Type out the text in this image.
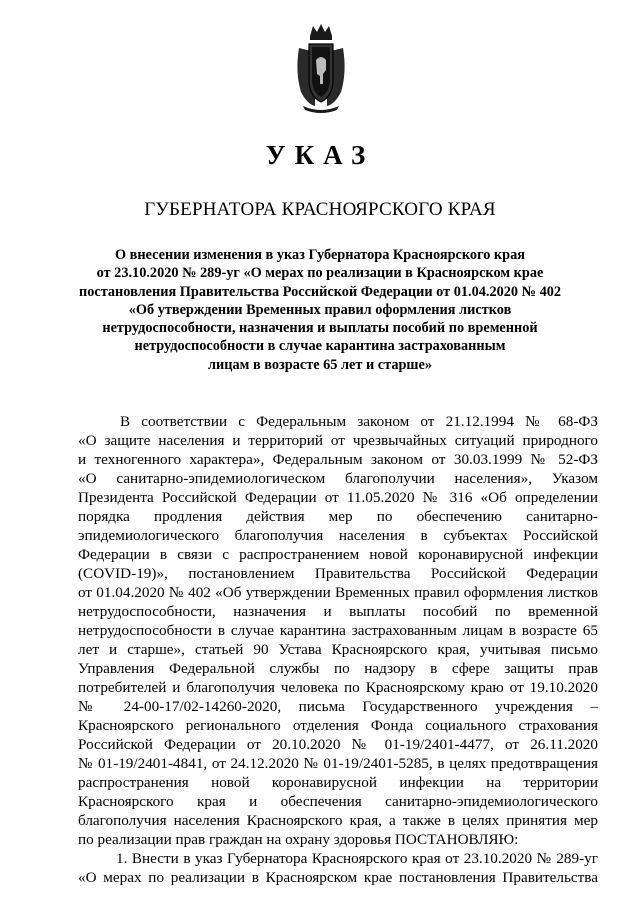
УКАЗ
ГУБЕРНАТОРА КРАСНОЯРСКОГО КРАЯ
О внесении изменения в указ Губернатора Красноярского края
от 23.10.2020 № 289-уг «О мерах по реализации в Красноярском крае
постановления Правительства Российской Федерации от 01.04.2020 № 402
«Об утверждении Временных правил оформления листков
нетрудоспособности, назначения и выплаты пособий по временной
нетрудоспособности в случае карантина застрахованным
лицам в возрасте 65 лет и старше»
В соответствии с Федеральным законом от 21.12.1994 № 68-ФЗ
«О защите населения и территорий от чрезвычайных ситуаций природного
и техногенного характера», Федеральным законом от 30.03.1999 № 52-ФЗ
«О санитарно-эпидемиологическом благополучии населения», Указом
Президента Российской Федерации от 11.05.2020 № 316 «Об определении
порядка продления действия мер по обеспечению санитарно-
эпидемиологического благополучия населения в субъектах Российской
Федерации в связи с распространением новой коронавирусной инфекции
(COVID-19)», постановлением Правительства Российской Федерации
от 01.04.2020 № 402 «Об утверждении Временных правил оформления листков
нетрудоспособности, назначения и выплаты пособий по временной
нетрудоспособности в случае карантина застрахованным лицам в возрасте 65
лет и старше», статьей 90 Устава Красноярского края, учитывая письмо
Управления Федеральной службы по надзору в сфере защиты прав
потребителей и благополучия человека по Красноярскому краю от 19.10.2020
№ 24-00-17/02-14260-2020, письма Государственного учреждения –
Красноярского регионального отделения Фонда социального страхования
Российской Федерации от 20.10.2020 № 01-19/2401-4477, от 26.11.2020
№ 01-19/2401-4841, от 24.12.2020 № 01-19/2401-5285, в целях предотвращения
распространения новой коронавирусной инфекции на территории
Красноярского края и обеспечения санитарно-эпидемиологического
благополучия населения Красноярского края, а также в целях принятия мер
по реализации прав граждан на охрану здоровья ПОСТАНОВЛЯЮ:
1. Внести в указ Губернатора Красноярского края от 23.10.2020 № 289-уг
«О мерах по реализации в Красноярском крае постановления Правительства
